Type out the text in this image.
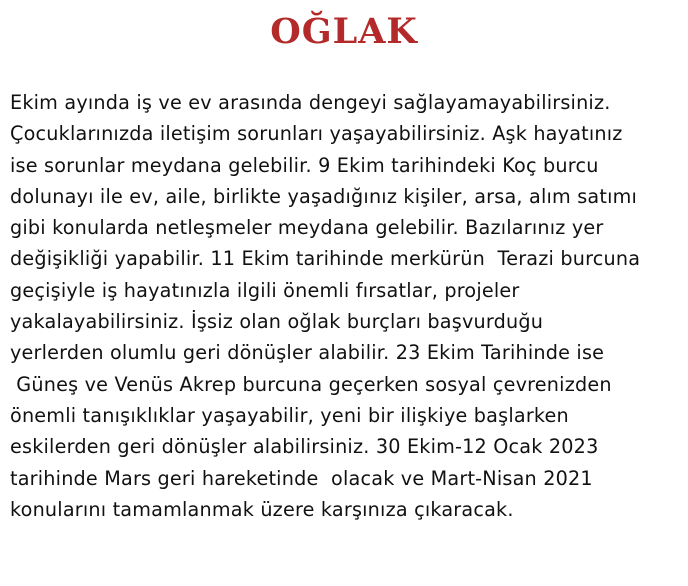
OĞLAK

Ekim ayında iş ve ev arasında dengeyi sağlayamayabilirsiniz.
Çocuklarınızda iletişim sorunları yaşayabilirsiniz. Aşk hayatınız
ise sorunlar meydana gelebilir. 9 Ekim tarihindeki Koç burcu
dolunayı ile ev, aile, birlikte yaşadığınız kişiler, arsa, alım satımı
gibi konularda netleşmeler meydana gelebilir. Bazılarınız yer
değişikliği yapabilir. 11 Ekim tarihinde merkürün  Terazi burcuna
geçişiyle iş hayatınızla ilgili önemli fırsatlar, projeler
yakalayabilirsiniz. İşsiz olan oğlak burçları başvurduğu
yerlerden olumlu geri dönüşler alabilir. 23 Ekim Tarihinde ise
Güneş ve Venüs Akrep burcuna geçerken sosyal çevrenizden
önemli tanışıklıklar yaşayabilir, yeni bir ilişkiye başlarken
eskilerden geri dönüşler alabilirsiniz. 30 Ekim-12 Ocak 2023
tarihinde Mars geri hareketinde  olacak ve Mart-Nisan 2021
konularını tamamlanmak üzere karşınıza çıkaracak.
